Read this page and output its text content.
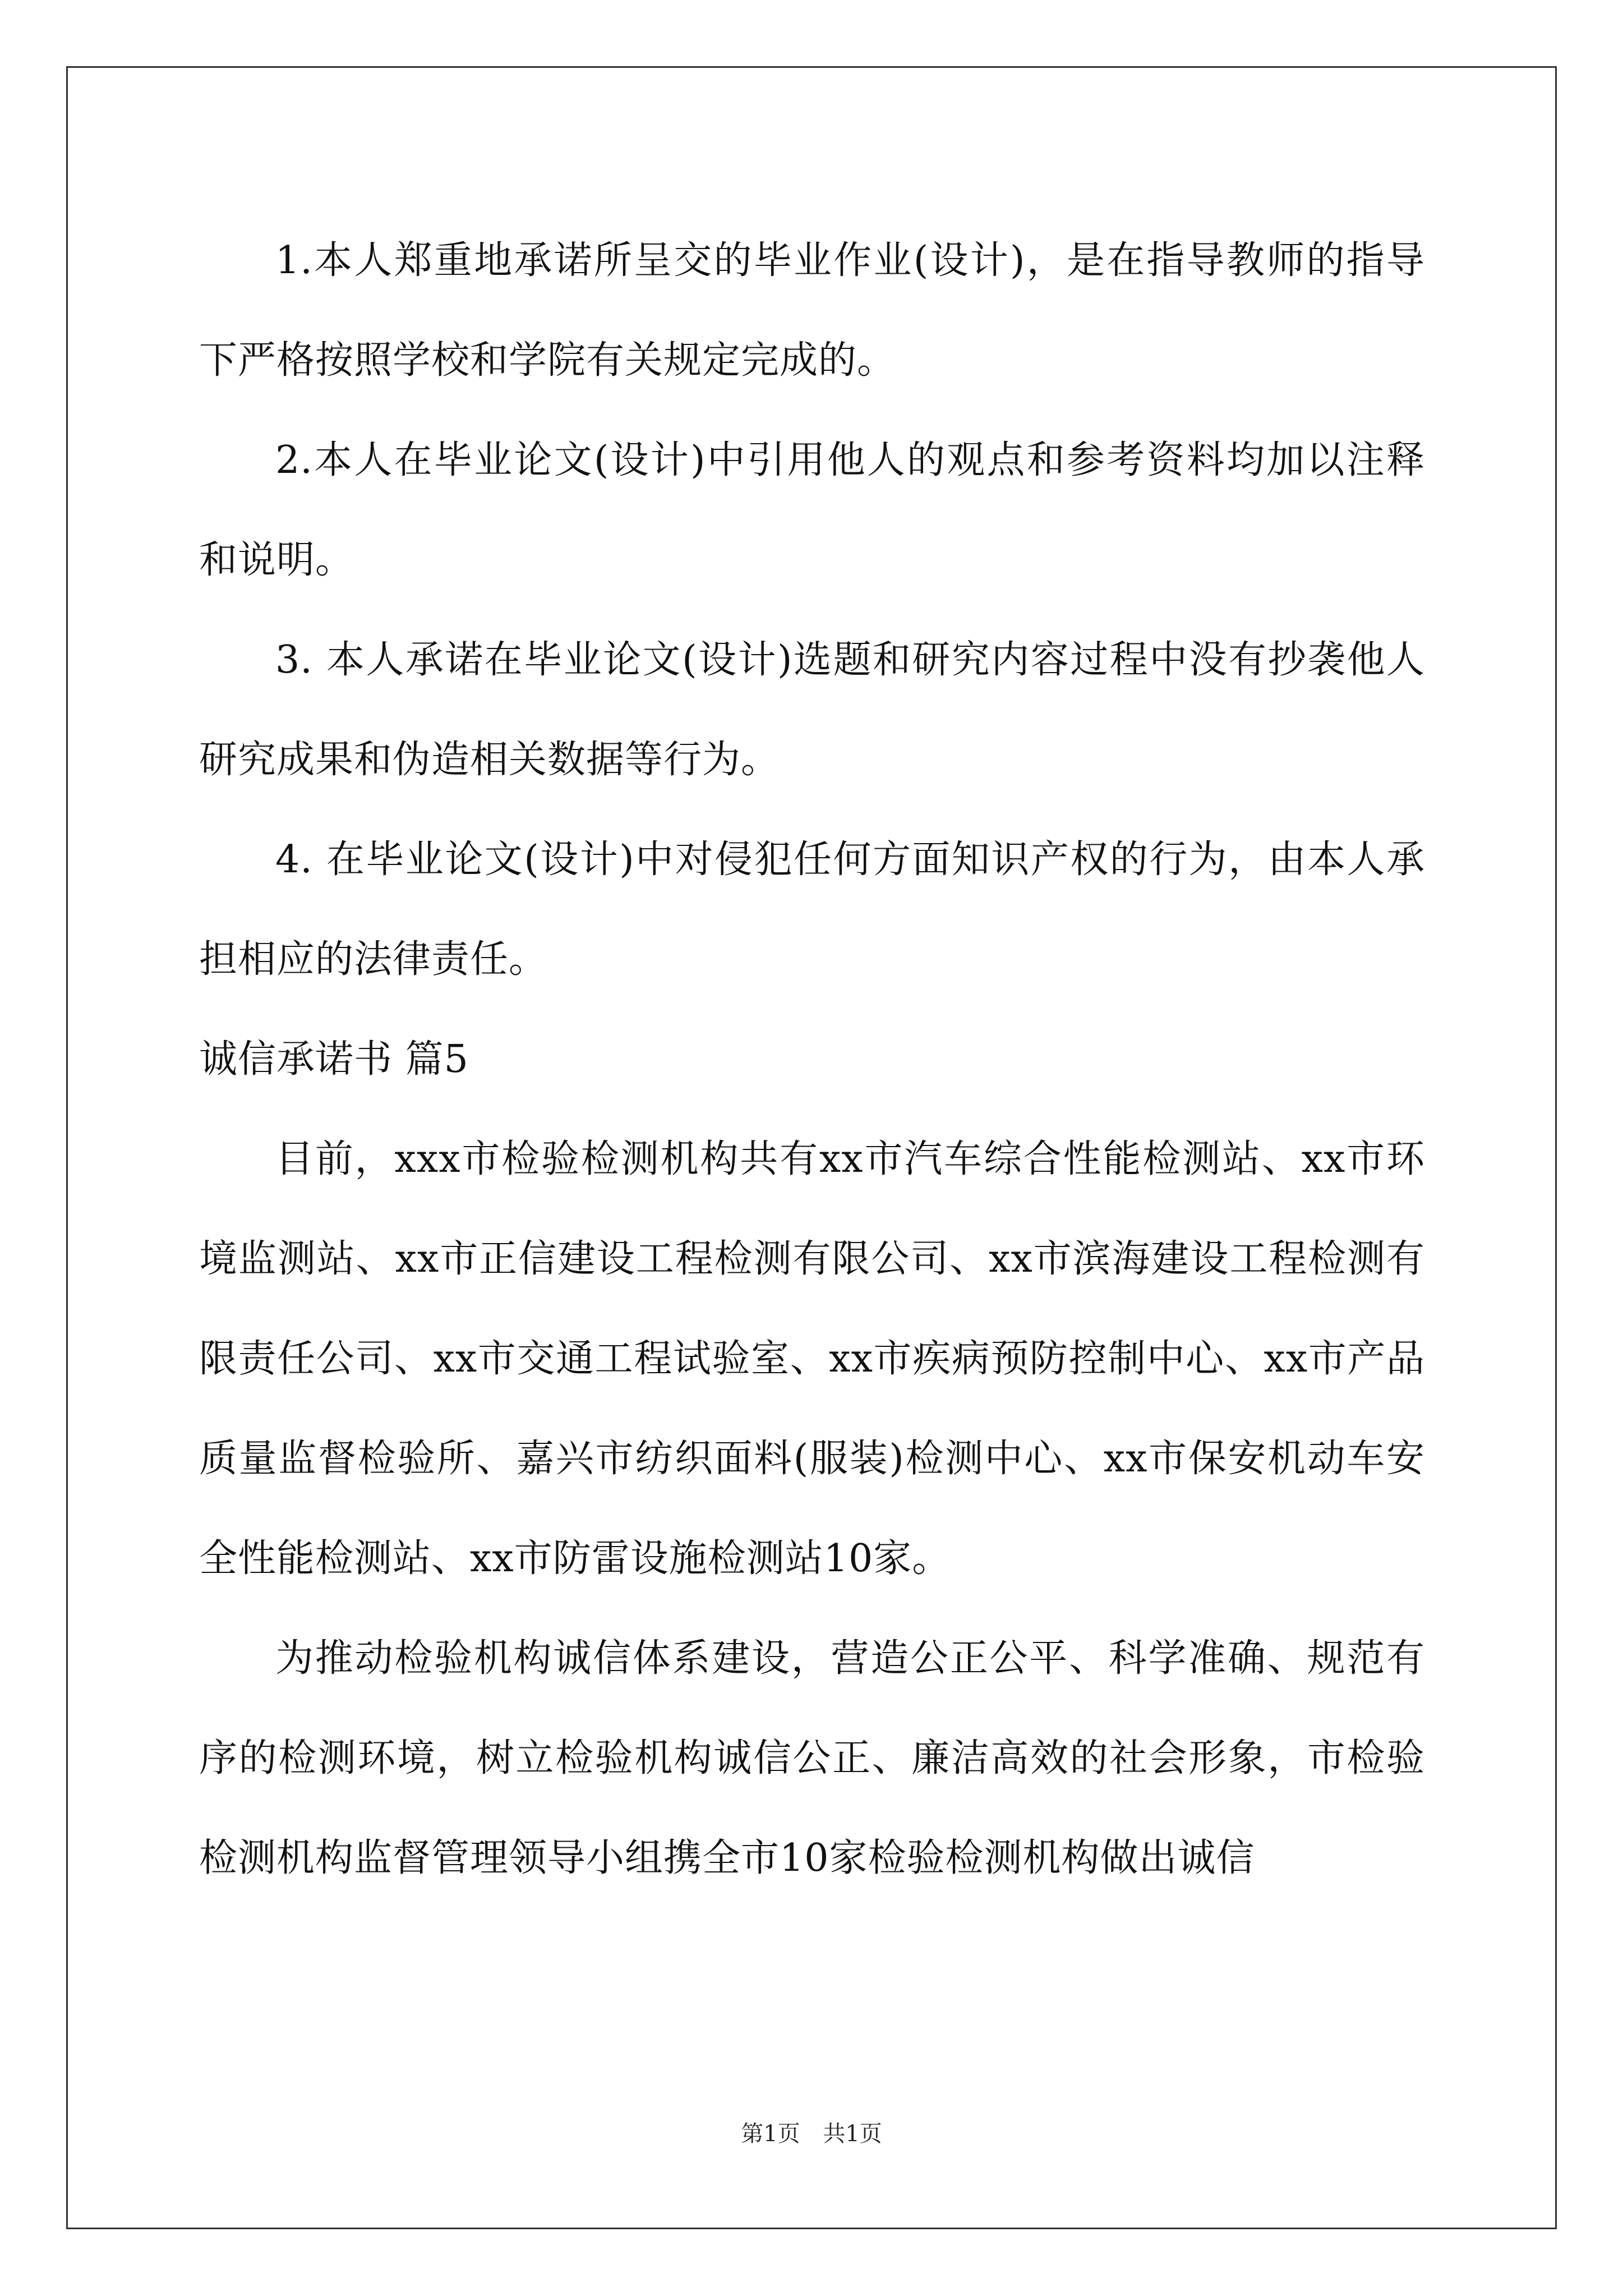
1.本人郑重地承诺所呈交的毕业作业(设计)，是在指导教师的指导下严格按照学校和学院有关规定完成的。

2.本人在毕业论文(设计)中引用他人的观点和参考资料均加以注释和说明。

3. 本人承诺在毕业论文(设计)选题和研究内容过程中没有抄袭他人研究成果和伪造相关数据等行为。

4. 在毕业论文(设计)中对侵犯任何方面知识产权的行为，由本人承担相应的法律责任。

诚信承诺书 篇5

目前，xxx市检验检测机构共有xx市汽车综合性能检测站、xx市环境监测站、xx市正信建设工程检测有限公司、xx市滨海建设工程检测有限责任公司、xx市交通工程试验室、xx市疾病预防控制中心、xx市产品质量监督检验所、嘉兴市纺织面料(服装)检测中心、xx市保安机动车安全性能检测站、xx市防雷设施检测站10家。

为推动检验机构诚信体系建设，营造公正公平、科学准确、规范有序的检测环境，树立检验机构诚信公正、廉洁高效的社会形象，市检验检测机构监督管理领导小组携全市10家检验检测机构做出诚信

第1页 共1页
